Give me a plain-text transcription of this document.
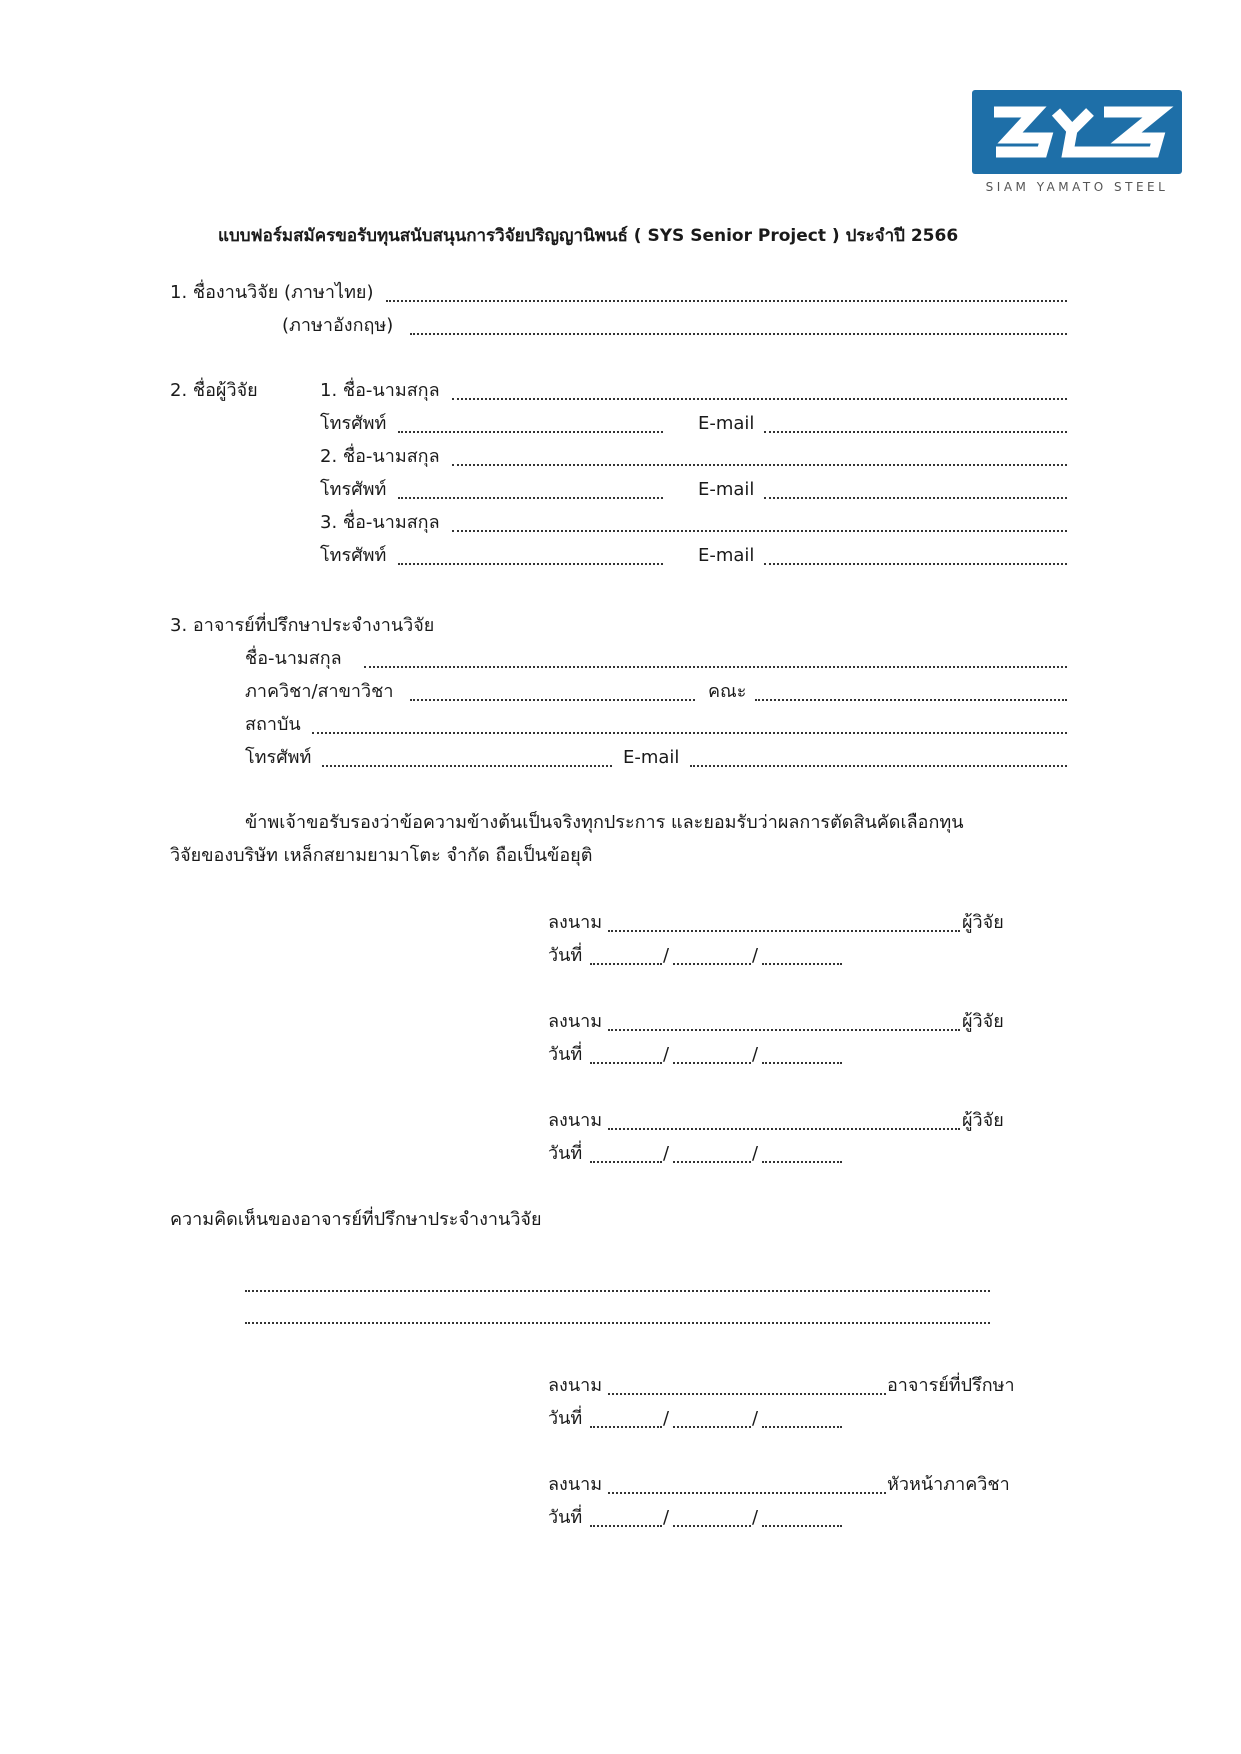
SIAM YAMATO STEEL
แบบฟอร์มสมัครขอรับทุนสนับสนุนการวิจัยปริญญานิพนธ์ ( SYS Senior Project ) ประจำปี 2566
1. ชื่องานวิจัย (ภาษาไทย)
(ภาษาอังกฤษ)
2. ชื่อผู้วิจัย	1. ชื่อ-นามสกุล
โทรศัพท์	E-mail
2. ชื่อ-นามสกุล
โทรศัพท์	E-mail
3. ชื่อ-นามสกุล
โทรศัพท์	E-mail
3. อาจารย์ที่ปรึกษาประจำงานวิจัย
ชื่อ-นามสกุล
ภาควิชา/สาขาวิชา	คณะ
สถาบัน
โทรศัพท์	E-mail
ข้าพเจ้าขอรับรองว่าข้อความข้างต้นเป็นจริงทุกประการ และยอมรับว่าผลการตัดสินคัดเลือกทุน
วิจัยของบริษัท เหล็กสยามยามาโตะ จำกัด ถือเป็นข้อยุติ
ลงนาม	ผู้วิจัย
วันที่	/	/
ลงนาม	ผู้วิจัย
วันที่	/	/
ลงนาม	ผู้วิจัย
วันที่	/	/
ความคิดเห็นของอาจารย์ที่ปรึกษาประจำงานวิจัย
ลงนาม	อาจารย์ที่ปรึกษา
วันที่	/	/
ลงนาม	หัวหน้าภาควิชา
วันที่	/	/
